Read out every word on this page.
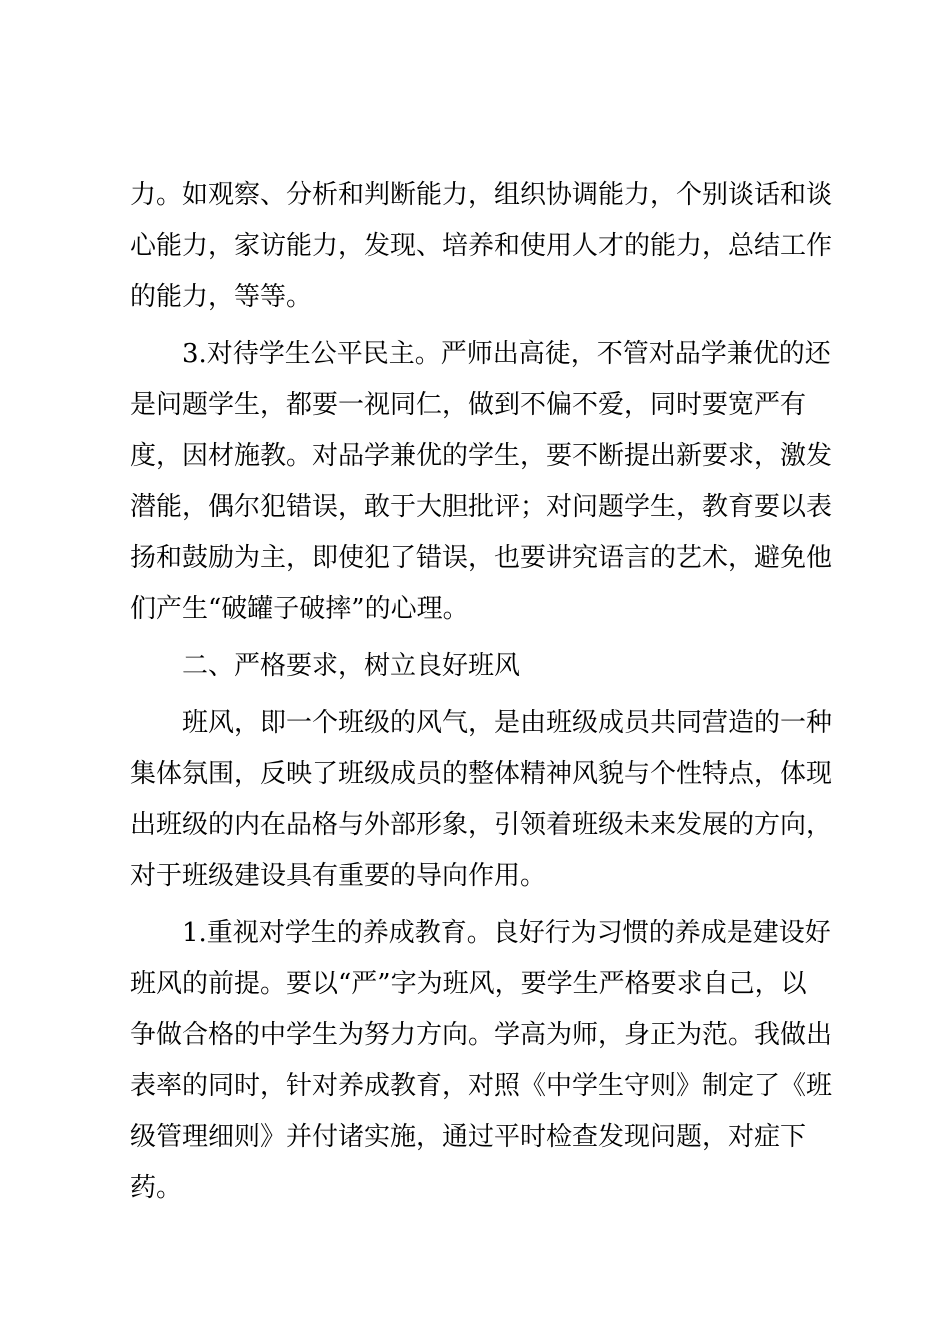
力。如观察、分析和判断能力，组织协调能力，个别谈话和谈
心能力，家访能力，发现、培养和使用人才的能力，总结工作
的能力，等等。
3.对待学生公平民主。严师出高徒，不管对品学兼优的还
是问题学生，都要一视同仁，做到不偏不爱，同时要宽严有
度，因材施教。对品学兼优的学生，要不断提出新要求，激发
潜能，偶尔犯错误，敢于大胆批评；对问题学生，教育要以表
扬和鼓励为主，即使犯了错误，也要讲究语言的艺术，避免他
们产生“破罐子破摔”的心理。
二、严格要求，树立良好班风
班风，即一个班级的风气，是由班级成员共同营造的一种
集体氛围，反映了班级成员的整体精神风貌与个性特点，体现
出班级的内在品格与外部形象，引领着班级未来发展的方向，
对于班级建设具有重要的导向作用。
1.重视对学生的养成教育。良好行为习惯的养成是建设好
班风的前提。要以“严”字为班风，要学生严格要求自己，以
争做合格的中学生为努力方向。学高为师，身正为范。我做出
表率的同时，针对养成教育，对照《中学生守则》制定了《班
级管理细则》并付诸实施，通过平时检查发现问题，对症下
药。
